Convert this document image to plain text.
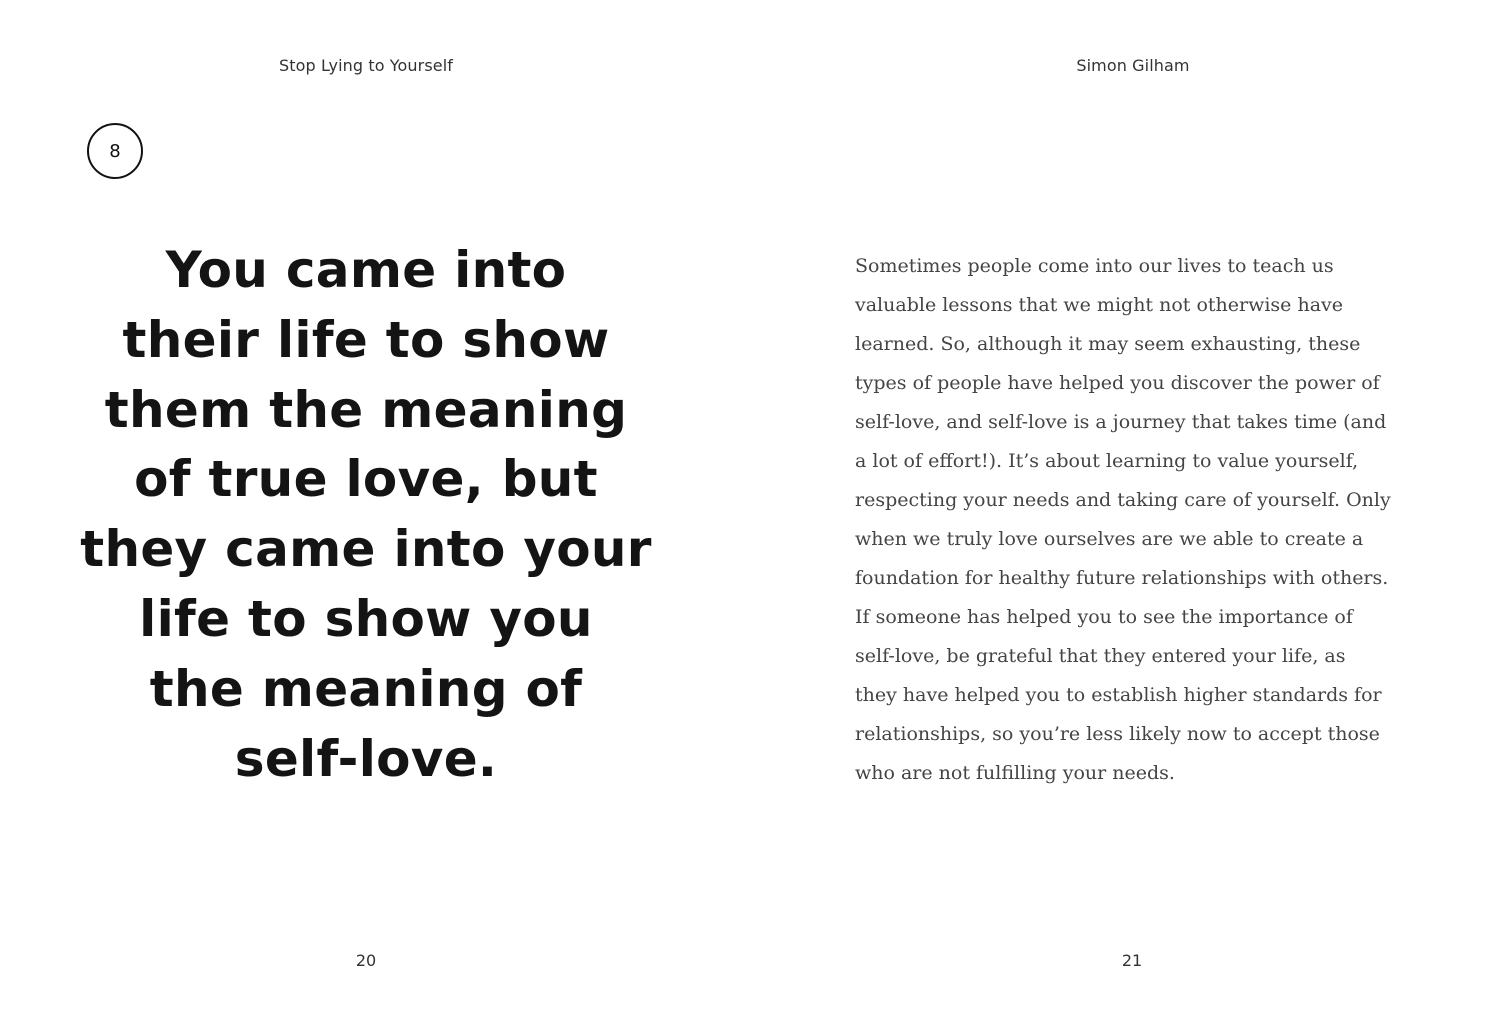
Stop Lying to Yourself
8
You came into
their life to show
them the meaning
of true love, but
they came into your
life to show you
the meaning of
self-love.
20
Simon Gilham
Sometimes people come into our lives to teach us
valuable lessons that we might not otherwise have
learned. So, although it may seem exhausting, these
types of people have helped you discover the power of
self-love, and self-love is a journey that takes time (and
a lot of effort!). It’s about learning to value yourself,
respecting your needs and taking care of yourself. Only
when we truly love ourselves are we able to create a
foundation for healthy future relationships with others.
If someone has helped you to see the importance of
self-love, be grateful that they entered your life, as
they have helped you to establish higher standards for
relationships, so you’re less likely now to accept those
who are not fulfilling your needs.
21
